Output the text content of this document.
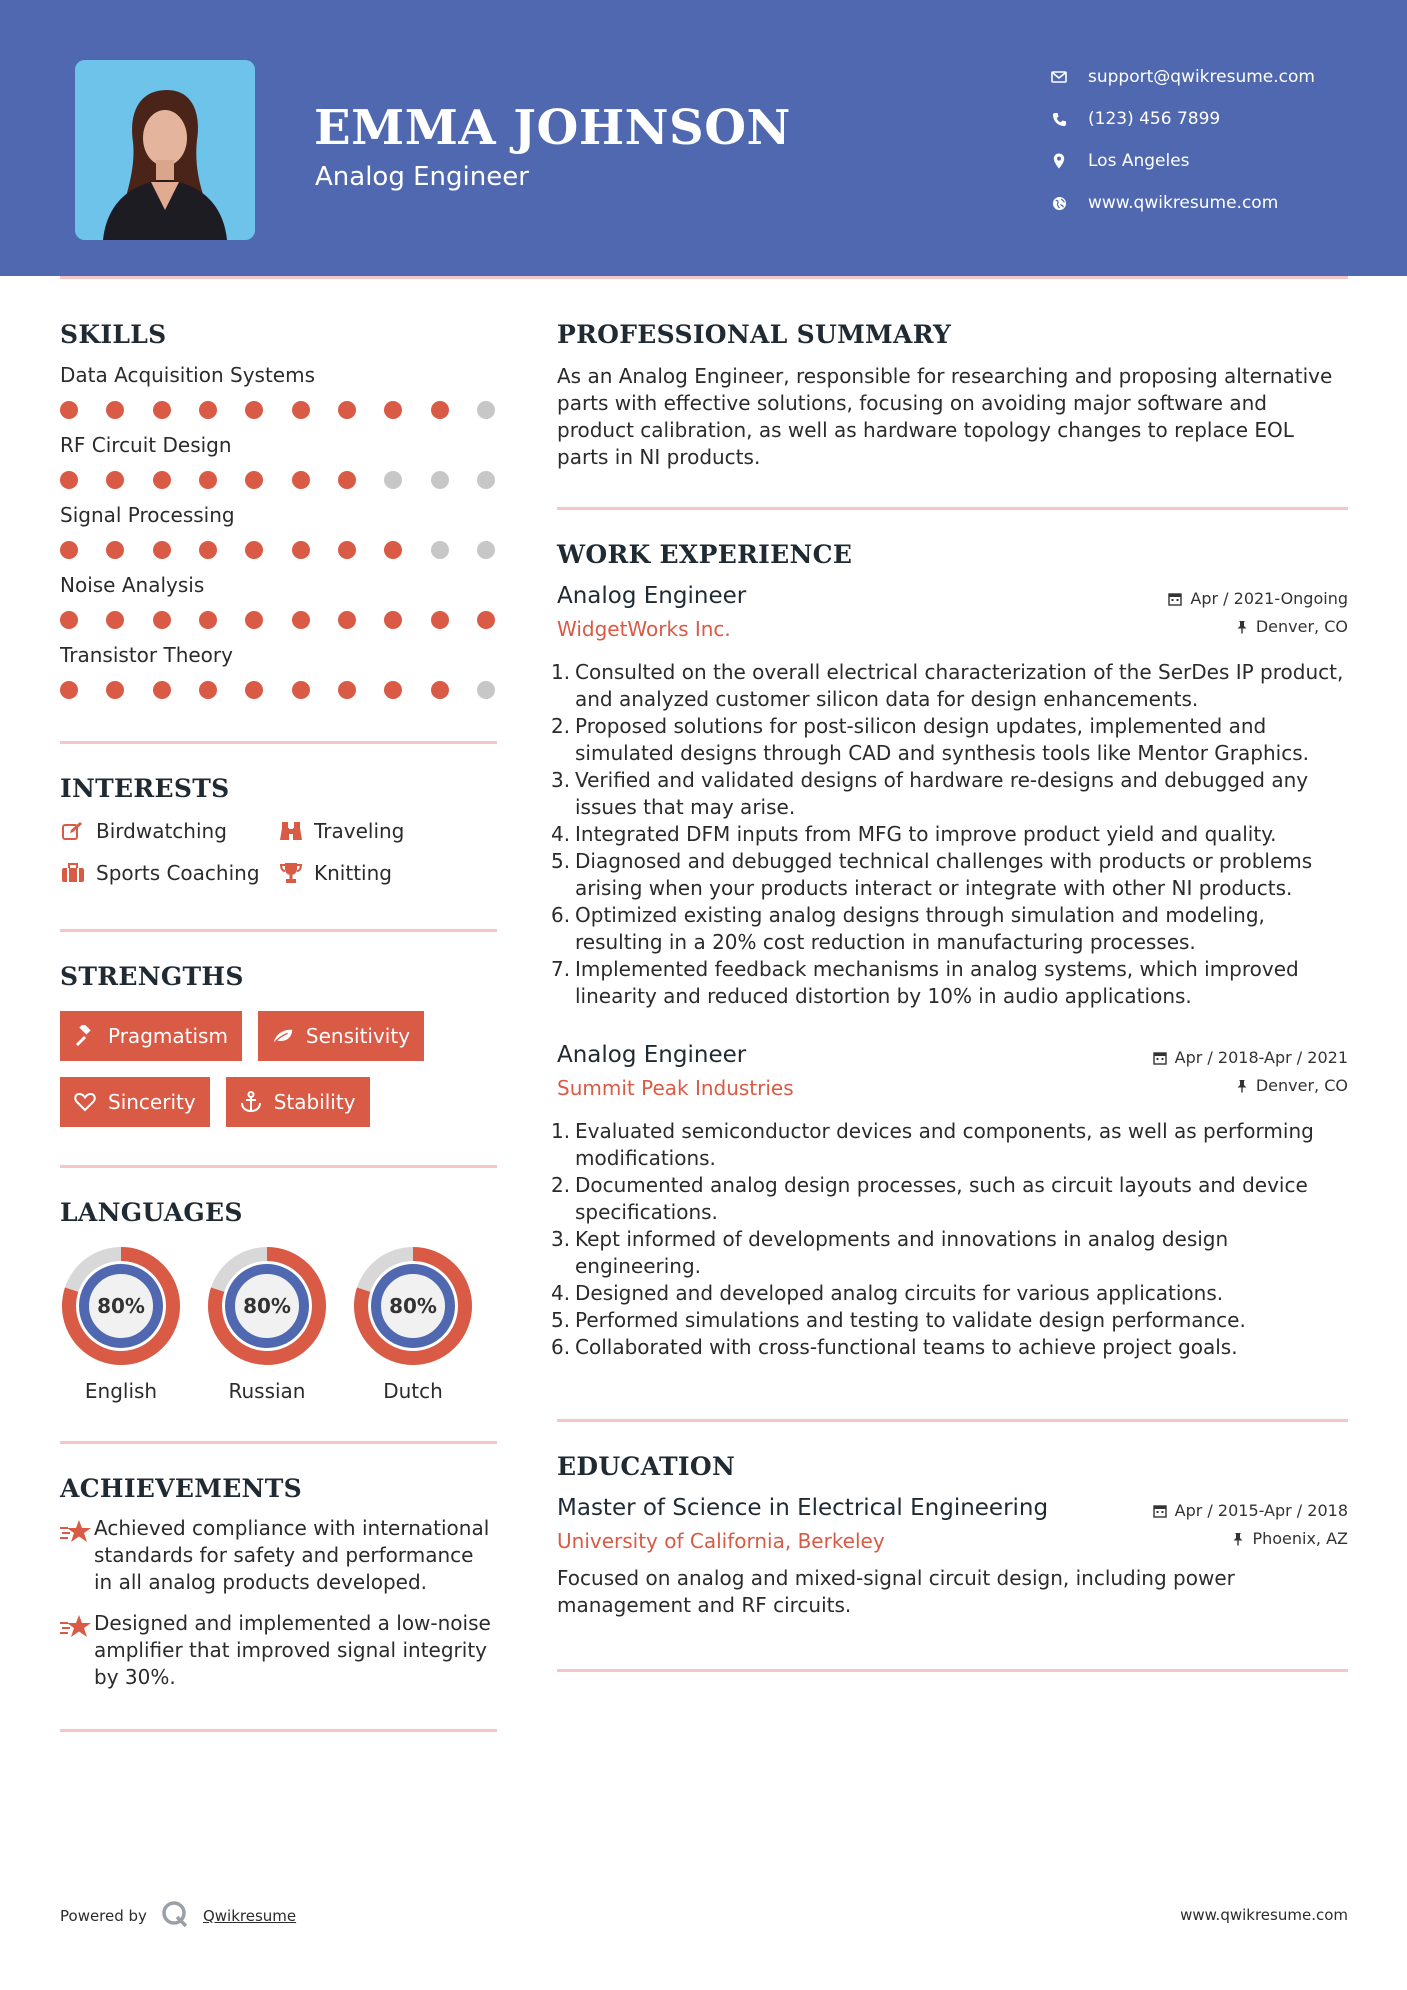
EMMA JOHNSON
Analog Engineer
support@qwikresume.com
(123) 456 7899
Los Angeles
www.qwikresume.com
SKILLS
Data Acquisition Systems
RF Circuit Design
Signal Processing
Noise Analysis
Transistor Theory
INTERESTS
Birdwatching	Traveling
Sports Coaching	Knitting
STRENGTHS
Pragmatism	Sensitivity
Sincerity	Stability
LANGUAGES
80%
English
80%
Russian
80%
Dutch
ACHIEVEMENTS
Achieved compliance with international standards for safety and performance in all analog products developed.
Designed and implemented a low-noise amplifier that improved signal integrity by 30%.
PROFESSIONAL SUMMARY
As an Analog Engineer, responsible for researching and proposing alternative parts with effective solutions, focusing on avoiding major software and product calibration, as well as hardware topology changes to replace EOL parts in NI products.
WORK EXPERIENCE
Analog Engineer	Apr / 2021-Ongoing
WidgetWorks Inc.	Denver, CO
Consulted on the overall electrical characterization of the SerDes IP product, and analyzed customer silicon data for design enhancements.
Proposed solutions for post-silicon design updates, implemented and simulated designs through CAD and synthesis tools like Mentor Graphics.
Verified and validated designs of hardware re-designs and debugged any issues that may arise.
Integrated DFM inputs from MFG to improve product yield and quality.
Diagnosed and debugged technical challenges with products or problems arising when your products interact or integrate with other NI products.
Optimized existing analog designs through simulation and modeling, resulting in a 20% cost reduction in manufacturing processes.
Implemented feedback mechanisms in analog systems, which improved linearity and reduced distortion by 10% in audio applications.
Analog Engineer	Apr / 2018-Apr / 2021
Summit Peak Industries	Denver, CO
Evaluated semiconductor devices and components, as well as performing modifications.
Documented analog design processes, such as circuit layouts and device specifications.
Kept informed of developments and innovations in analog design engineering.
Designed and developed analog circuits for various applications.
Performed simulations and testing to validate design performance.
Collaborated with cross-functional teams to achieve project goals.
EDUCATION
Master of Science in Electrical Engineering	Apr / 2015-Apr / 2018
University of California, Berkeley	Phoenix, AZ
Focused on analog and mixed-signal circuit design, including power management and RF circuits.
Powered by	Qwikresume	www.qwikresume.com
